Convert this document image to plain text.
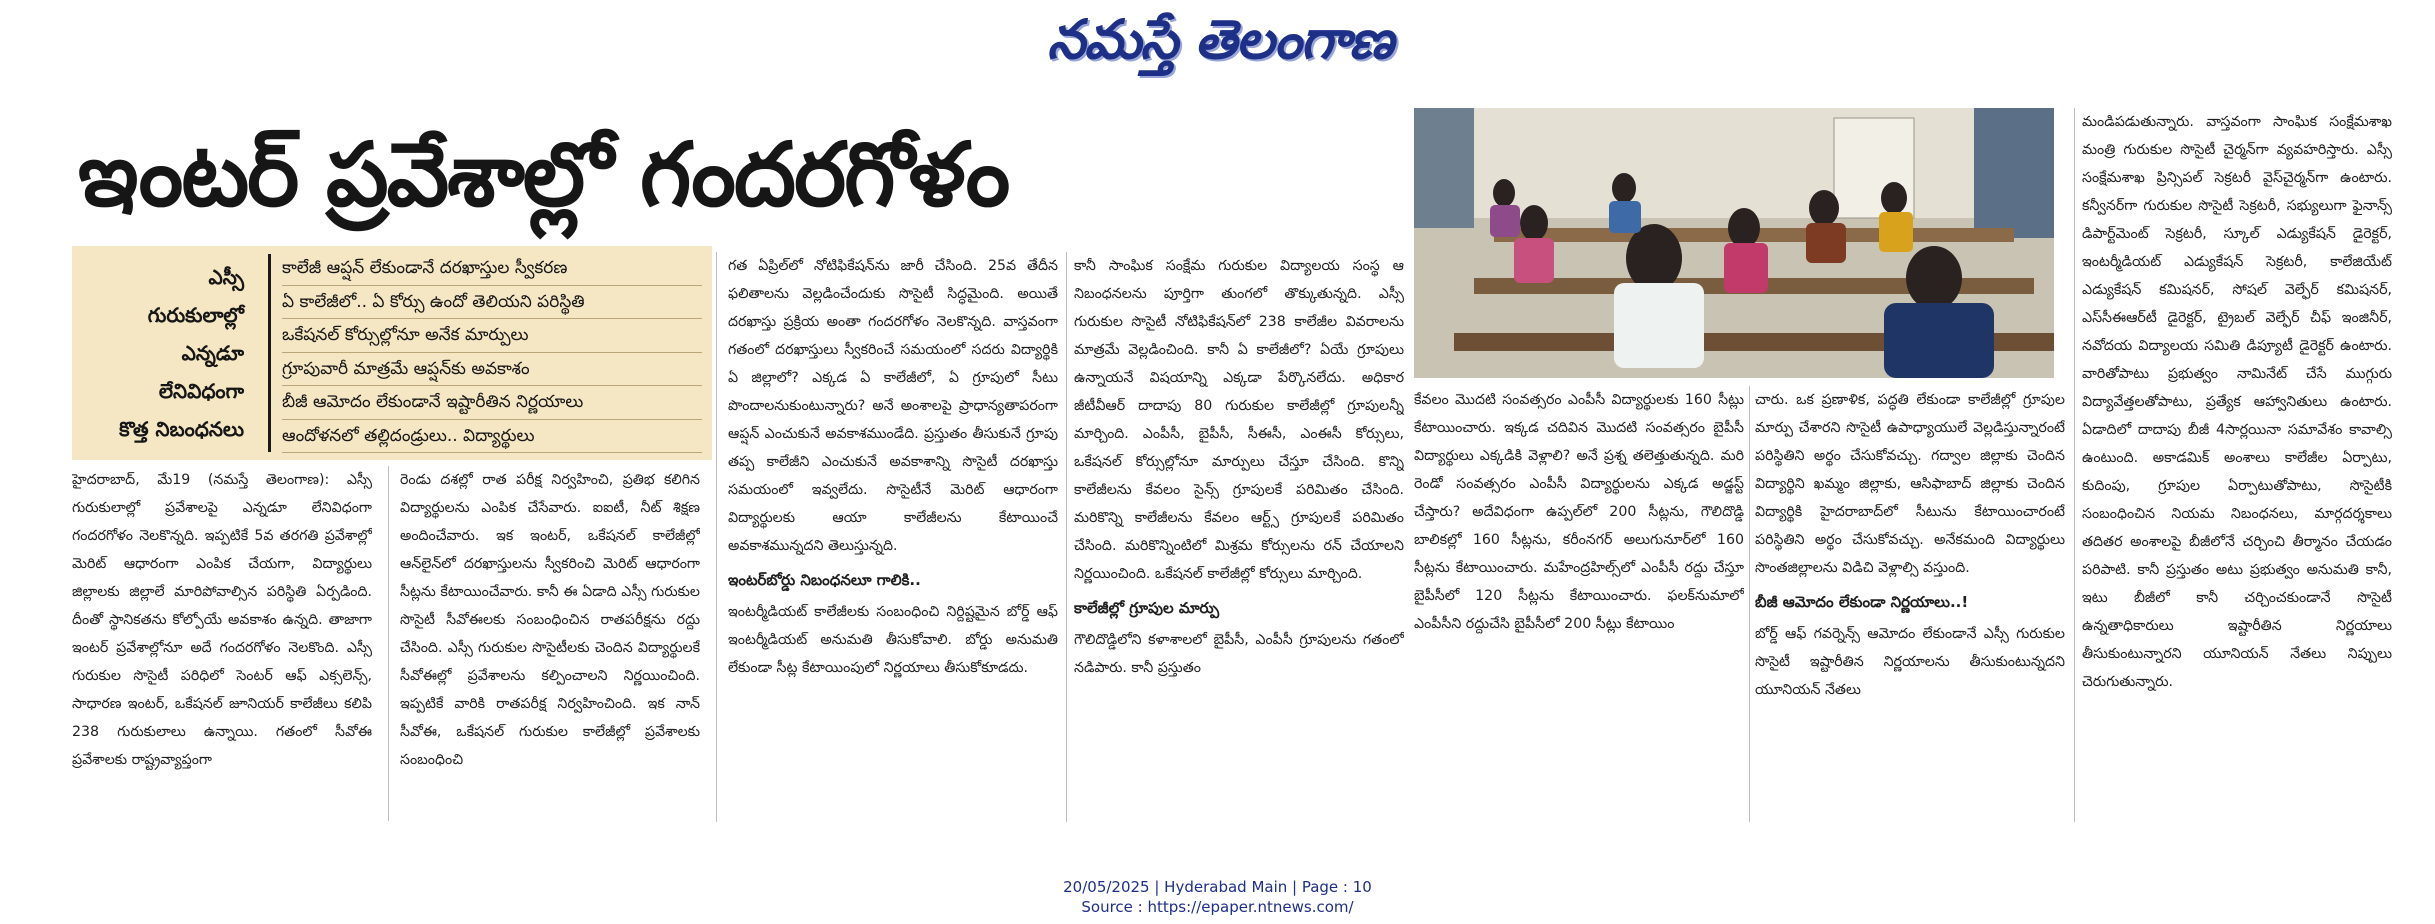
నమస్తే తెలంగాణ
ఇంటర్ ప్రవేశాల్లో గందరగోళం
ఎస్సీ
గురుకులాల్లో
ఎన్నడూ
లేనివిధంగా
కొత్త నిబంధనలు
కాలేజీ ఆప్షన్ లేకుండానే దరఖాస్తుల స్వీకరణ
ఏ కాలేజీలో.. ఏ కోర్సు ఉందో తెలియని పరిస్థితి
ఒకేషనల్ కోర్సుల్లోనూ అనేక మార్పులు
గ్రూపువారీ మాత్రమే ఆప్షన్‌కు అవకాశం
బీజీ ఆమోదం లేకుండానే ఇష్టారీతిన నిర్ణయాలు
ఆందోళనలో తల్లిదండ్రులు.. విద్యార్థులు

హైదరాబాద్, మే19 (నమస్తే తెలంగాణ): ఎస్సీ గురుకులాల్లో ప్రవేశాలపై ఎన్నడూ లేనివిధంగా గందరగోళం నెలకొన్నది. ఇప్పటికే 5వ తరగతి ప్రవేశాల్లో మెరిట్ ఆధారంగా ఎంపిక చేయగా, విద్యార్థులు జిల్లాలకు జిల్లాలే మారిపోవాల్సిన పరిస్థితి ఏర్పడింది. దీంతో స్థానికతను కోల్పోయే అవకాశం ఉన్నది. తాజాగా ఇంటర్ ప్రవేశాల్లోనూ అదే గందరగోళం నెలకొంది. ఎస్సీ గురుకుల సొసైటీ పరిధిలో సెంటర్ ఆఫ్ ఎక్సలెన్స్, సాధారణ ఇంటర్, ఒకేషనల్ జూనియర్ కాలేజీలు కలిపి 238 గురుకులాలు ఉన్నాయి. గతంలో సీవోఈ ప్రవేశాలకు రాష్ట్రవ్యాప్తంగా

రెండు దశల్లో రాత పరీక్ష నిర్వహించి, ప్రతిభ కలిగిన విద్యార్థులను ఎంపిక చేసేవారు. ఐఐటీ, నీట్ శిక్షణ అందించేవారు. ఇక ఇంటర్, ఒకేషనల్ కాలేజీల్లో ఆన్‌లైన్‌లో దరఖాస్తులను స్వీకరించి మెరిట్ ఆధారంగా సీట్లను కేటాయించేవారు. కానీ ఈ ఏడాది ఎస్సీ గురుకుల సొసైటీ సీవోఈలకు సంబంధించిన రాతపరీక్షను రద్దు చేసింది. ఎస్సీ గురుకుల సొసైటీలకు చెందిన విద్యార్థులకే సీవోఈల్లో ప్రవేశాలను కల్పించాలని నిర్ణయించింది. ఇప్పటికే వారికి రాతపరీక్ష నిర్వహించింది. ఇక నాన్ సీవోఈ, ఒకేషనల్ గురుకుల కాలేజీల్లో ప్రవేశాలకు సంబంధించి

గత ఏప్రిల్‌లో నోటిఫికేషన్‌ను జారీ చేసింది. 25వ తేదీన ఫలితాలను వెల్లడించేందుకు సొసైటీ సిద్ధమైంది. అయితే దరఖాస్తు ప్రక్రియ అంతా గందరగోళం నెలకొన్నది. వాస్తవంగా గతంలో దరఖాస్తులు స్వీకరించే సమయంలో సదరు విద్యార్థికి ఏ జిల్లాలో? ఎక్కడ ఏ కాలేజీలో, ఏ గ్రూపులో సీటు పొందాలనుకుంటున్నారు? అనే అంశాలపై ప్రాధాన్యతాపరంగా ఆప్షన్ ఎంచుకునే అవకాశముండేది. ప్రస్తుతం తీసుకునే గ్రూపు తప్ప కాలేజీని ఎంచుకునే అవకాశాన్ని సొసైటీ దరఖాస్తు సమయంలో ఇవ్వలేదు. సొసైటీనే మెరిట్ ఆధారంగా విద్యార్థులకు ఆయా కాలేజీలను కేటాయించే అవకాశమున్నదని తెలుస్తున్నది.

ఇంటర్‌బోర్డు నిబంధనలూ గాలికి..

ఇంటర్మీడియట్ కాలేజీలకు సంబంధించి నిర్దిష్టమైన బోర్డ్ ఆఫ్ ఇంటర్మీడియట్ అనుమతి తీసుకోవాలి. బోర్డు అనుమతి లేకుండా సీట్ల కేటాయింపులో నిర్ణయాలు తీసుకోకూడదు.

కానీ సాంఘిక సంక్షేమ గురుకుల విద్యాలయ సంస్థ ఆ నిబంధనలను పూర్తిగా తుంగలో తొక్కుతున్నది. ఎస్సీ గురుకుల సొసైటీ నోటిఫికేషన్‌లో 238 కాలేజీల వివరాలను మాత్రమే వెల్లడించింది. కానీ ఏ కాలేజీలో? ఏయే గ్రూపులు ఉన్నాయనే విషయాన్ని ఎక్కడా పేర్కొనలేదు. అధికార జీటీవీఆర్ దాదాపు 80 గురుకుల కాలేజీల్లో గ్రూపులన్నీ మార్చింది. ఎంపీసీ, బైపీసీ, సీఈసీ, ఎంఈసీ కోర్సులు, ఒకేషనల్ కోర్సుల్లోనూ మార్పులు చేస్తూ చేసింది. కొన్ని కాలేజీలను కేవలం సైన్స్ గ్రూపులకే పరిమితం చేసింది. మరికొన్ని కాలేజీలను కేవలం ఆర్ట్స్ గ్రూపులకే పరిమితం చేసింది. మరికొన్నింటిలో మిశ్రమ కోర్సులను రన్ చేయాలని నిర్ణయించింది. ఒకేషనల్ కాలేజీల్లో కోర్సులు మార్చింది.

కాలేజీల్లో గ్రూపుల మార్పు

గౌలిదొడ్డిలోని కళాశాలలో బైపీసీ, ఎంపీసీ గ్రూపులను గతంలో నడిపారు. కానీ ప్రస్తుతం

కేవలం మొదటి సంవత్సరం ఎంపీసీ విద్యార్థులకు 160 సీట్లు కేటాయించారు. ఇక్కడ చదివిన మొదటి సంవత్సరం బైపీసీ విద్యార్థులు ఎక్కడికి వెళ్లాలి? అనే ప్రశ్న తలెత్తుతున్నది. మరి రెండో సంవత్సరం ఎంపీసీ విద్యార్థులను ఎక్కడ అడ్జస్ట్ చేస్తారు? అదేవిధంగా ఉప్పల్‌లో 200 సీట్లను, గౌలిదొడ్డి బాలికల్లో 160 సీట్లను, కరీంనగర్ అలుగునూర్‌లో 160 సీట్లను కేటాయించారు. మహేంద్రహిల్స్‌లో ఎంపీసీ రద్దు చేస్తూ బైపీసీలో 120 సీట్లను కేటాయించారు. ఫలక్‌నుమాలో ఎంపీసీని రద్దుచేసి బైపీసీలో 200 సీట్లు కేటాయిం

చారు. ఒక ప్రణాళిక, పద్ధతి లేకుండా కాలేజీల్లో గ్రూపుల మార్పు చేశారని సొసైటీ ఉపాధ్యాయులే వెల్లడిస్తున్నారంటే పరిస్థితిని అర్థం చేసుకోవచ్చు. గద్వాల జిల్లాకు చెందిన విద్యార్థిని ఖమ్మం జిల్లాకు, ఆసిఫాబాద్ జిల్లాకు చెందిన విద్యార్థికి హైదరాబాద్‌లో సీటును కేటాయించారంటే పరిస్థితిని అర్థం చేసుకోవచ్చు. అనేకమంది విద్యార్థులు సొంతజిల్లాలను విడిచి వెళ్లాల్సి వస్తుంది.

బీజీ ఆమోదం లేకుండా నిర్ణయాలు..!

బోర్డ్ ఆఫ్ గవర్నెన్స్ ఆమోదం లేకుండానే ఎస్సీ గురుకుల సొసైటీ ఇష్టారీతిన నిర్ణయాలను తీసుకుంటున్నదని యూనియన్ నేతలు

మండిపడుతున్నారు. వాస్తవంగా సాంఘిక సంక్షేమశాఖ మంత్రి గురుకుల సొసైటీ చైర్మన్‌గా వ్యవహరిస్తారు. ఎస్సీ సంక్షేమశాఖ ప్రిన్సిపల్ సెక్రటరీ వైస్‌చైర్మన్‌గా ఉంటారు. కన్వీనర్‌గా గురుకుల సొసైటీ సెక్రటరీ, సభ్యులుగా ఫైనాన్స్ డిపార్ట్‌మెంట్ సెక్రటరీ, స్కూల్ ఎడ్యుకేషన్ డైరెక్టర్, ఇంటర్మీడియట్ ఎడ్యుకేషన్ సెక్రటరీ, కాలేజియేట్ ఎడ్యుకేషన్ కమిషనర్, సోషల్ వెల్ఫేర్ కమిషనర్, ఎస్‌సీఈఆర్‌టీ డైరెక్టర్, ట్రైబల్ వెల్ఫేర్ చీఫ్ ఇంజినీర్, నవోదయ విద్యాలయ సమితి డిప్యూటీ డైరెక్టర్ ఉంటారు. వారితోపాటు ప్రభుత్వం నామినేట్ చేసే ముగ్గురు విద్యావేత్తలతోపాటు, ప్రత్యేక ఆహ్వానితులు ఉంటారు. ఏడాదిలో దాదాపు బీజీ 4సార్లయినా సమావేశం కావాల్సి ఉంటుంది. అకాడమిక్ అంశాలు కాలేజీల ఏర్పాటు, కుదింపు, గ్రూపుల ఏర్పాటుతోపాటు, సొసైటీకి సంబంధించిన నియమ నిబంధనలు, మార్గదర్శకాలు తదితర అంశాలపై బీజీలోనే చర్చించి తీర్మానం చేయడం పరిపాటి. కానీ ప్రస్తుతం అటు ప్రభుత్వం అనుమతి కానీ, ఇటు బీజీలో కానీ చర్చించకుండానే సొసైటీ ఉన్నతాధికారులు ఇష్టారీతిన నిర్ణయాలు తీసుకుంటున్నారని యూనియన్ నేతలు నిప్పులు చెరుగుతున్నారు.

20/05/2025 | Hyderabad Main | Page : 10
Source : https://epaper.ntnews.com/
